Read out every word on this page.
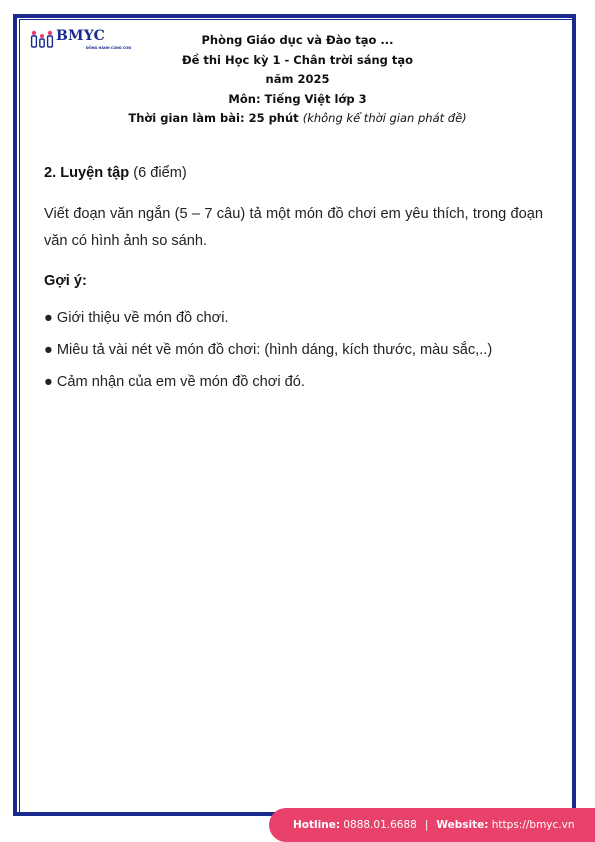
BMYC
ĐỒNG HÀNH CÙNG CON
Phòng Giáo dục và Đào tạo ...
Đề thi Học kỳ 1 - Chân trời sáng tạo
năm 2025
Môn: Tiếng Việt lớp 3
Thời gian làm bài: 25 phút (không kể thời gian phát đề)

2. Luyện tập (6 điểm)

Viết đoạn văn ngắn (5 – 7 câu) tả một món đồ chơi em yêu thích, trong đoạn văn có hình ảnh so sánh.

Gợi ý:

● Giới thiệu về món đồ chơi.
● Miêu tả vài nét về món đồ chơi: (hình dáng, kích thước, màu sắc,..)
● Cảm nhận của em về món đồ chơi đó.
Hotline:
0888.01.6688 | Website:
https://bmyc.vn
